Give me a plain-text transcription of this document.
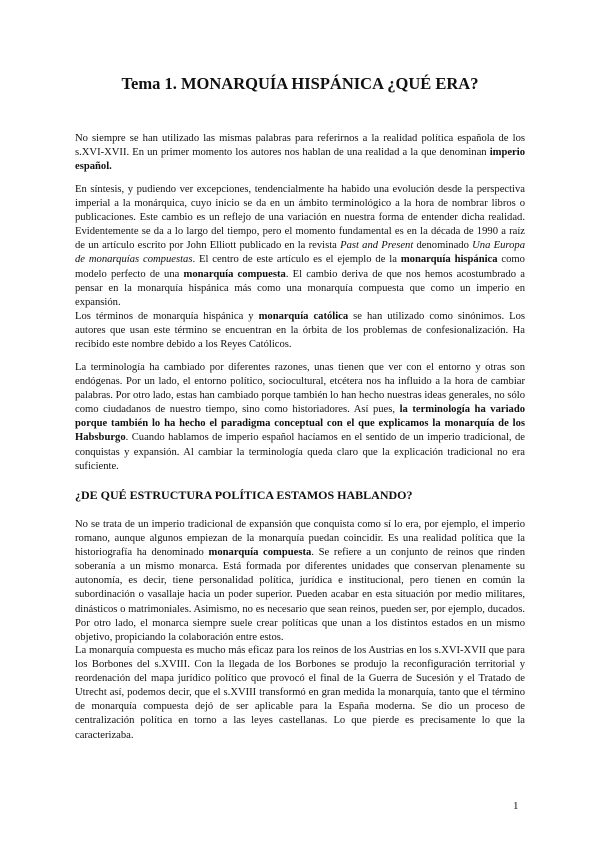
Tema 1. MONARQUÍA HISPÁNICA ¿QUÉ ERA?

No siempre se han utilizado las mismas palabras para referirnos a la realidad política española de los s.XVI-XVII. En un primer momento los autores nos hablan de una realidad a la que denominan imperio español.

En síntesis, y pudiendo ver excepciones, tendencialmente ha habido una evolución desde la perspectiva imperial a la monárquica, cuyo inicio se da en un ámbito terminológico a la hora de nombrar libros o publicaciones. Este cambio es un reflejo de una variación en nuestra forma de entender dicha realidad. Evidentemente se da a lo largo del tiempo, pero el momento fundamental es en la década de 1990 a raíz de un artículo escrito por John Elliott publicado en la revista Past and Present denominado Una Europa de monarquías compuestas. El centro de este artículo es el ejemplo de la monarquía hispánica como modelo perfecto de una monarquía compuesta. El cambio deriva de que nos hemos acostumbrado a pensar en la monarquía hispánica más como una monarquía compuesta que como un imperio en expansión.

Los términos de monarquía hispánica y monarquía católica se han utilizado como sinónimos. Los autores que usan este término se encuentran en la órbita de los problemas de confesionalización. Ha recibido este nombre debido a los Reyes Católicos.

La terminología ha cambiado por diferentes razones, unas tienen que ver con el entorno y otras son endógenas. Por un lado, el entorno político, sociocultural, etcétera nos ha influido a la hora de cambiar palabras. Por otro lado, estas han cambiado porque también lo han hecho nuestras ideas generales, no sólo como ciudadanos de nuestro tiempo, sino como historiadores. Así pues, la terminología ha variado porque también lo ha hecho el paradigma conceptual con el que explicamos la monarquía de los Habsburgo. Cuando hablamos de imperio español hacíamos en el sentido de un imperio tradicional, de conquistas y expansión. Al cambiar la terminología queda claro que la explicación tradicional no era suficiente.

¿DE QUÉ ESTRUCTURA POLÍTICA ESTAMOS HABLANDO?

No se trata de un imperio tradicional de expansión que conquista como sí lo era, por ejemplo, el imperio romano, aunque algunos empiezan de la monarquía puedan coincidir. Es una realidad política que la historiografía ha denominado monarquía compuesta. Se refiere a un conjunto de reinos que rinden soberanía a un mismo monarca. Está formada por diferentes unidades que conservan plenamente su autonomía, es decir, tiene personalidad política, jurídica e institucional, pero tienen en común la subordinación o vasallaje hacia un poder superior. Pueden acabar en esta situación por medio militares, dinásticos o matrimoniales. Asimismo, no es necesario que sean reinos, pueden ser, por ejemplo, ducados. Por otro lado, el monarca siempre suele crear políticas que unan a los distintos estados en un mismo objetivo, propiciando la colaboración entre estos.

La monarquía compuesta es mucho más eficaz para los reinos de los Austrias en los s.XVI-XVII que para los Borbones del s.XVIII. Con la llegada de los Borbones se produjo la reconfiguración territorial y reordenación del mapa jurídico político que provocó el final de la Guerra de Sucesión y el Tratado de Utrecht así, podemos decir, que el s.XVIII transformó en gran medida la monarquía, tanto que el término de monarquía compuesta dejó de ser aplicable para la España moderna. Se dio un proceso de centralización política en torno a las leyes castellanas. Lo que pierde es precisamente lo que la caracterizaba.

1
